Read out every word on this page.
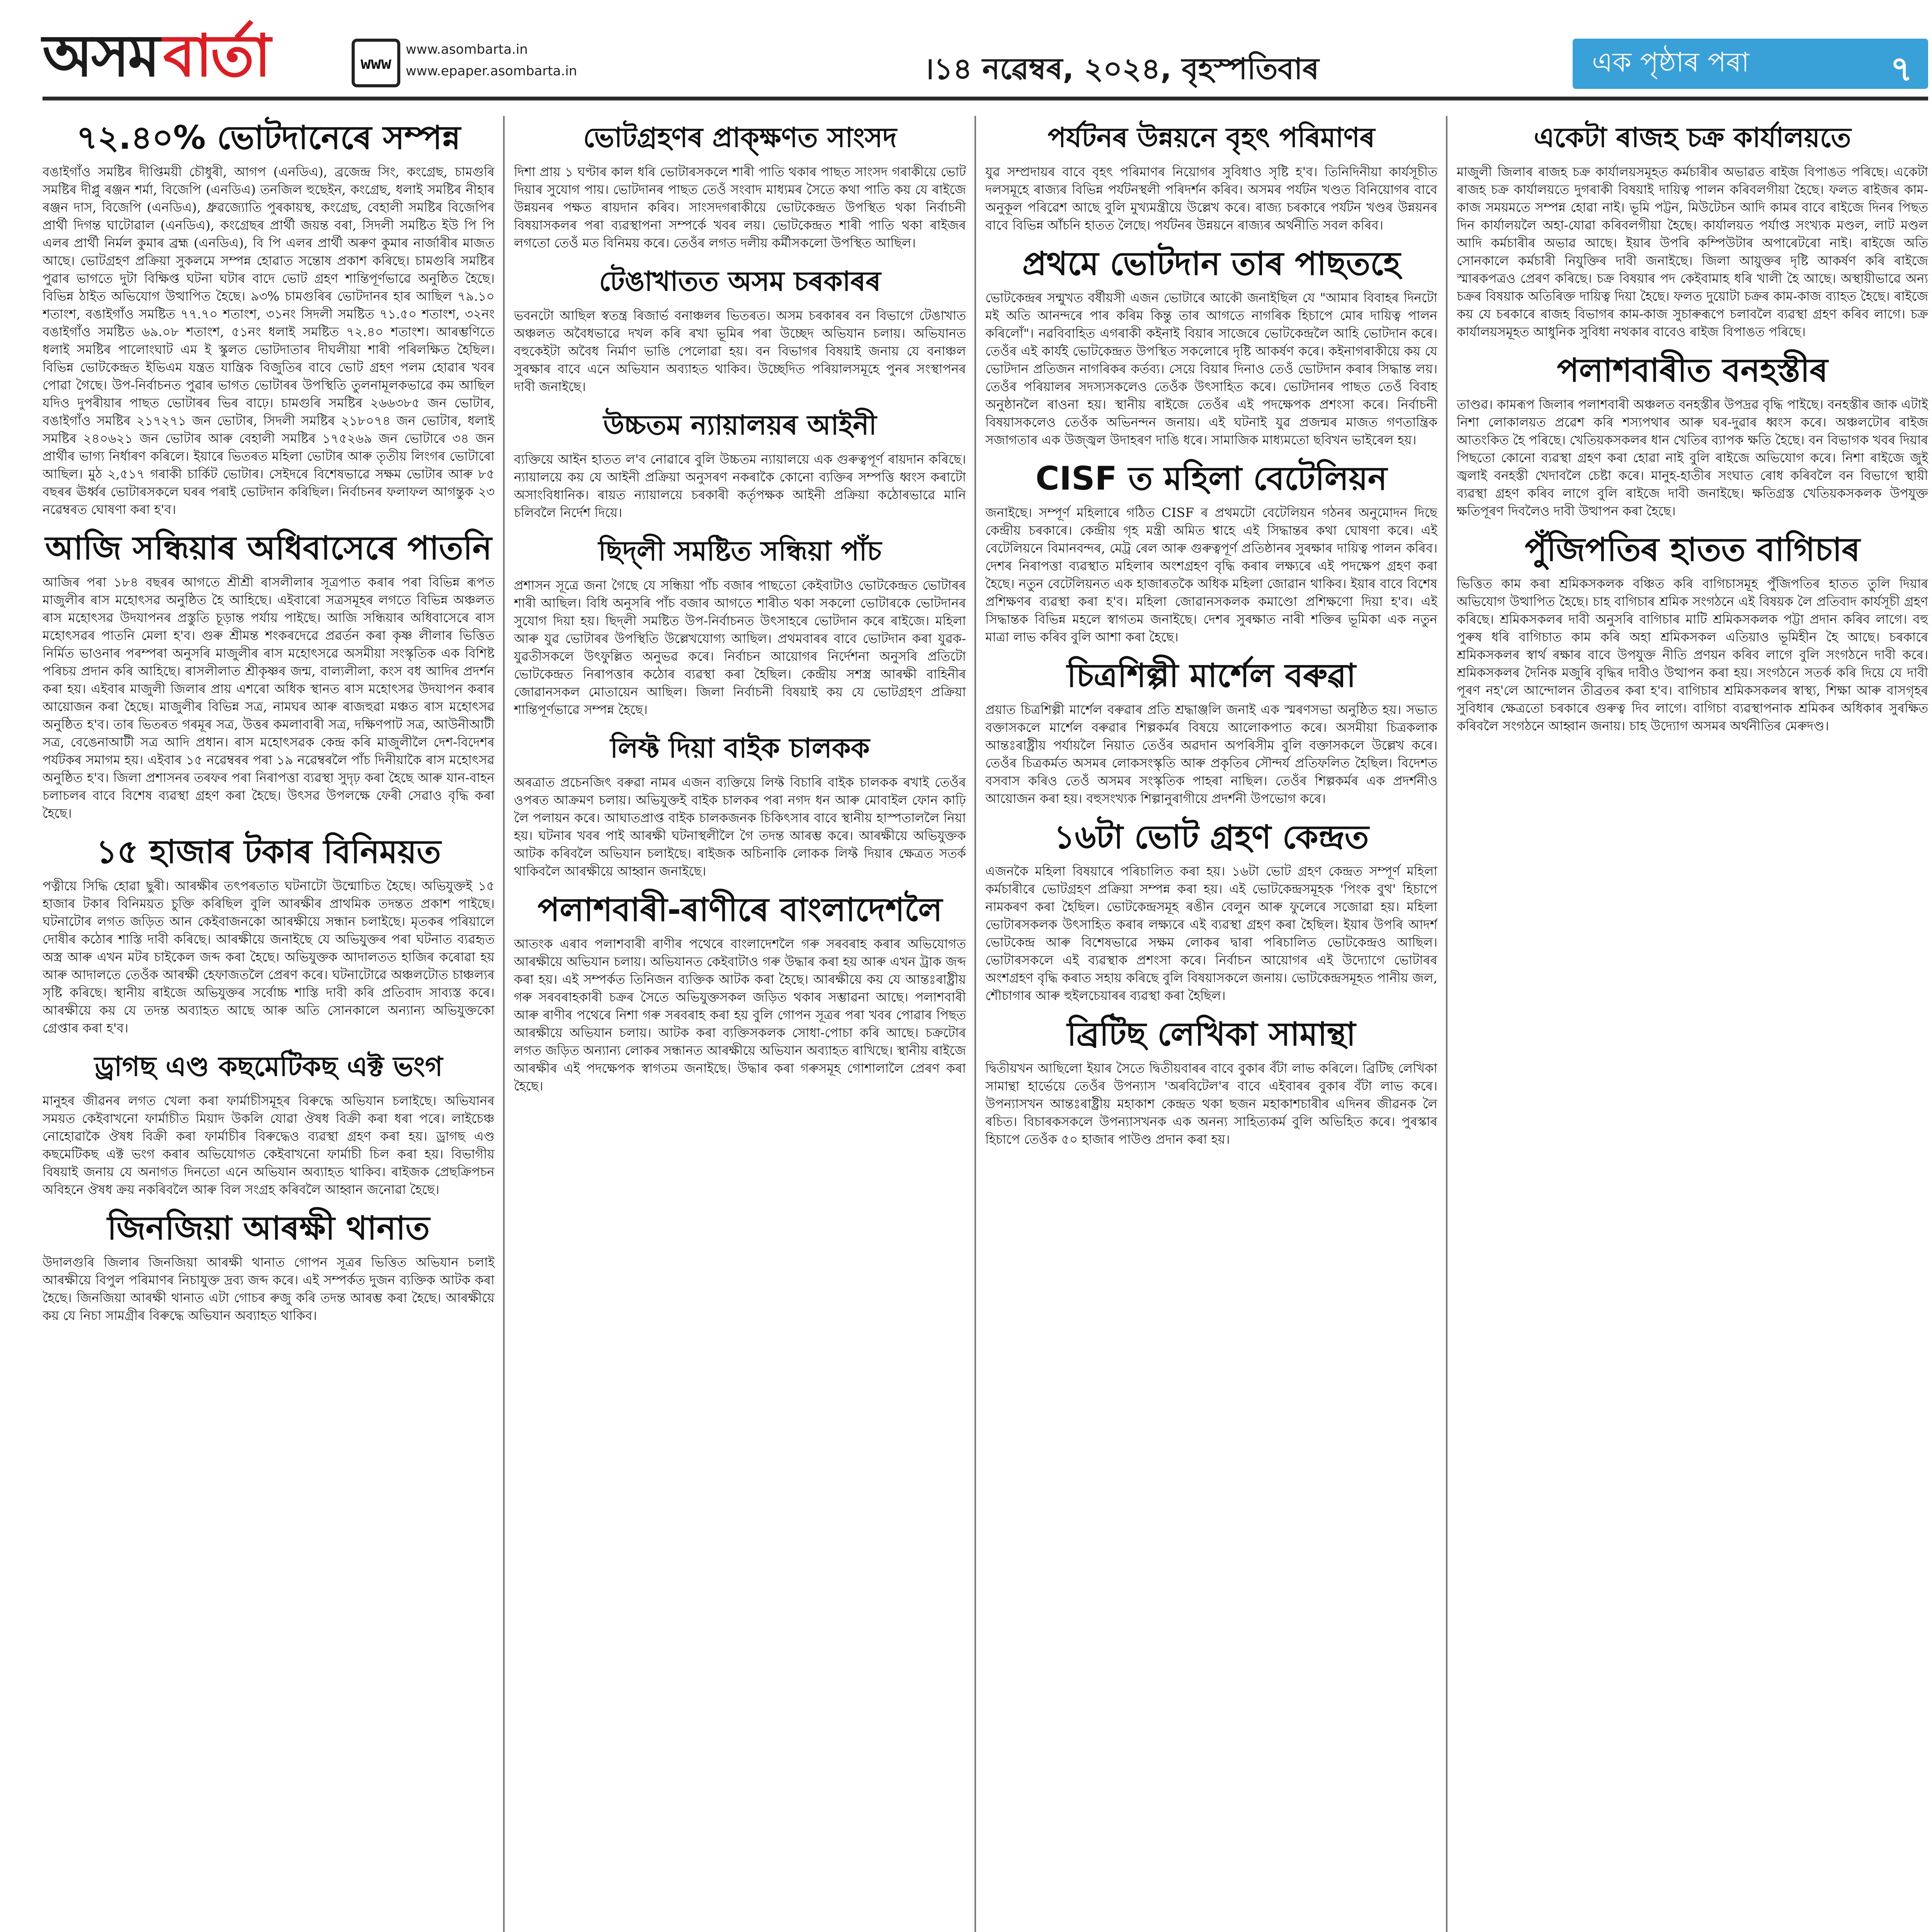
অসম বাৰ্তা	www
www.asombarta.in
www.epaper.asombarta.in	।১৪ নৱেম্বৰ, ২০২৪, বৃহস্পতিবাৰ	এক পৃষ্ঠাৰ পৰা	৭
৭২.৪০% ভোটদানেৰে সম্পন্ন
বঙাইগাঁও সমষ্টিৰ দীপ্তিময়ী চৌধুৰী, আগপ (এনডিএ), ব্ৰজেন্দ্ৰ সিং, কংগ্ৰেছ, চামগুৰি সমষ্টিৰ দীপ্লু ৰঞ্জন শৰ্মা, বিজেপি (এনডিএ) তনজিল হুছেইন, কংগ্ৰেছ, ধলাই সমষ্টিৰ নীহাৰ ৰঞ্জন দাস, বিজেপি (এনডিএ), ধ্ৰুৱজ্যোতি পুৰকায়স্থ, কংগ্ৰেছ, বেহালী সমষ্টিৰ বিজেপিৰ প্ৰাৰ্থী দিগন্ত ঘাটোৱাল (এনডিএ), কংগ্ৰেছৰ প্ৰাৰ্থী জয়ন্ত বৰা, সিদলী সমষ্টিত ইউ পি পি এলৰ প্ৰাৰ্থী নিৰ্মল কুমাৰ ব্ৰহ্ম (এনডিএ), বি পি এলৰ প্ৰাৰ্থী অৰুণ কুমাৰ নাৰ্জাৰীৰ মাজত আছে। ভোটগ্ৰহণ প্ৰক্ৰিয়া সুকলমে সম্পন্ন হোৱাত সন্তোষ প্ৰকাশ কৰিছে। চামগুৰি সমষ্টিৰ পুৱাৰ ভাগতে দুটা বিক্ষিপ্ত ঘটনা ঘটাৰ বাদে ভোট গ্ৰহণ শান্তিপূৰ্ণভাৱে অনুষ্ঠিত হৈছে। বিভিন্ন ঠাইত অভিযোগ উত্থাপিত হৈছে। ৯৩% চামগুৰিৰ ভোটদানৰ হাৰ আছিল ৭৯.১০ শতাংশ, বঙাইগাঁও সমষ্টিত ৭৭.৭০ শতাংশ, ৩১নং সিদলী সমষ্টিত ৭১.৫০ শতাংশ, ৩২নং বঙাইগাঁও সমষ্টিত ৬৯.০৮ শতাংশ, ৫১নং ধলাই সমষ্টিত ৭২.৪০ শতাংশ। আৰম্ভণিতে ধলাই সমষ্টিৰ পালোংঘাট এম ই স্কুলত ভোটদাতাৰ দীঘলীয়া শাৰী পৰিলক্ষিত হৈছিল। বিভিন্ন ভোটকেন্দ্ৰত ইভিএম যন্ত্ৰত যান্ত্ৰিক বিজুতিৰ বাবে ভোট গ্ৰহণ পলম হোৱাৰ খবৰ পোৱা গৈছে। উপ-নিৰ্বাচনত পুৱাৰ ভাগত ভোটাৰৰ উপস্থিতি তুলনামূলকভাৱে কম আছিল যদিও দুপৰীয়াৰ পাছত ভোটাৰৰ ভিৰ বাঢ়ে। চামগুৰি সমষ্টিৰ ২৬৬৩৮৫ জন ভোটাৰ, বঙাইগাঁও সমষ্টিৰ ২১৭২৭১ জন ভোটাৰ, সিদলী সমষ্টিৰ ২১৮০৭৪ জন ভোটাৰ, ধলাই সমষ্টিৰ ২৪০৬২১ জন ভোটাৰ আৰু বেহালী সমষ্টিৰ ১৭৫২৬৯ জন ভোটাৰে ৩৪ জন প্ৰাৰ্থীৰ ভাগ্য নিৰ্ধাৰণ কৰিলে। ইয়াৰে ভিতৰত মহিলা ভোটাৰ আৰু তৃতীয় লিংগৰ ভোটাৰো আছিল। মুঠ ২,৫১৭ গৰাকী চাৰ্কিট ভোটাৰ। সেইদৰে বিশেষভাৱে সক্ষম ভোটাৰ আৰু ৮৫ বছৰৰ ঊৰ্ধ্বৰ ভোটাৰসকলে ঘৰৰ পৰাই ভোটদান কৰিছিল। নিৰ্বাচনৰ ফলাফল আগন্তুক ২৩ নৱেম্বৰত ঘোষণা কৰা হ'ব।
আজি সন্ধিয়াৰ অধিবাসেৰে পাতনি
আজিৰ পৰা ১৮৪ বছৰৰ আগতে শ্ৰীশ্ৰী ৰাসলীলাৰ সূত্ৰপাত কৰাৰ পৰা বিভিন্ন ৰূপত মাজুলীৰ ৰাস মহোৎসৱ অনুষ্ঠিত হৈ আহিছে। এইবাৰো সত্ৰসমূহৰ লগতে বিভিন্ন অঞ্চলত ৰাস মহোৎসৱ উদযাপনৰ প্ৰস্তুতি চূড়ান্ত পৰ্যায় পাইছে। আজি সন্ধিয়াৰ অধিবাসেৰে ৰাস মহোৎসৱৰ পাতনি মেলা হ'ব। গুৰু শ্ৰীমন্ত শংকৰদেৱে প্ৰৱৰ্তন কৰা কৃষ্ণ লীলাৰ ভিত্তিত নিৰ্মিত ভাওনাৰ পৰম্পৰা অনুসৰি মাজুলীৰ ৰাস মহোৎসৱে অসমীয়া সংস্কৃতিক এক বিশিষ্ট পৰিচয় প্ৰদান কৰি আহিছে। ৰাসলীলাত শ্ৰীকৃষ্ণৰ জন্ম, বাল্যলীলা, কংস বধ আদিৰ প্ৰদৰ্শন কৰা হয়। এইবাৰ মাজুলী জিলাৰ প্ৰায় এশৰো অধিক স্থানত ৰাস মহোৎসৱ উদযাপন কৰাৰ আয়োজন কৰা হৈছে। মাজুলীৰ বিভিন্ন সত্ৰ, নামঘৰ আৰু ৰাজহুৱা মঞ্চত ৰাস মহোৎসৱ অনুষ্ঠিত হ'ব। তাৰ ভিতৰত গৰমূৰ সত্ৰ, উত্তৰ কমলাবাৰী সত্ৰ, দক্ষিণপাট সত্ৰ, আউনীআটী সত্ৰ, বেঙেনাআটী সত্ৰ আদি প্ৰধান। ৰাস মহোৎসৱক কেন্দ্ৰ কৰি মাজুলীলৈ দেশ-বিদেশৰ পৰ্যটকৰ সমাগম হয়। এইবাৰ ১৫ নৱেম্বৰৰ পৰা ১৯ নৱেম্বৰলৈ পাঁচ দিনীয়াকৈ ৰাস মহোৎসৱ অনুষ্ঠিত হ'ব। জিলা প্ৰশাসনৰ তৰফৰ পৰা নিৰাপত্তা ব্যৱস্থা সুদৃঢ় কৰা হৈছে আৰু যান-বাহন চলাচলৰ বাবে বিশেষ ব্যৱস্থা গ্ৰহণ কৰা হৈছে। উৎসৱ উপলক্ষে ফেৰী সেৱাও বৃদ্ধি কৰা হৈছে।
১৫ হাজাৰ টকাৰ বিনিময়ত
পত্নীয়ে সিদ্ধি হোৱা ছুৰী। আৰক্ষীৰ তৎপৰতাত ঘটনাটো উন্মোচিত হৈছে। অভিযুক্তই ১৫ হাজাৰ টকাৰ বিনিময়ত চুক্তি কৰিছিল বুলি আৰক্ষীৰ প্ৰাথমিক তদন্তত প্ৰকাশ পাইছে। ঘটনাটোৰ লগত জড়িত আন কেইবাজনকো আৰক্ষীয়ে সন্ধান চলাইছে। মৃতকৰ পৰিয়ালে দোষীৰ কঠোৰ শাস্তি দাবী কৰিছে। আৰক্ষীয়ে জনাইছে যে অভিযুক্তৰ পৰা ঘটনাত ব্যৱহৃত অস্ত্ৰ আৰু এখন মটৰ চাইকেল জব্দ কৰা হৈছে। অভিযুক্তক আদালতত হাজিৰ কৰোৱা হয় আৰু আদালতে তেওঁক আৰক্ষী হেফাজতলৈ প্ৰেৰণ কৰে। ঘটনাটোৱে অঞ্চলটোত চাঞ্চল্যৰ সৃষ্টি কৰিছে। স্থানীয় ৰাইজে অভিযুক্তৰ সৰ্বোচ্চ শাস্তি দাবী কৰি প্ৰতিবাদ সাব্যস্ত কৰে। আৰক্ষীয়ে কয় যে তদন্ত অব্যাহত আছে আৰু অতি সোনকালে অন্যান্য অভিযুক্তকো গ্ৰেপ্তাৰ কৰা হ'ব।
ড্ৰাগছ এণ্ড কছমেটিকছ এক্ট ভংগ
মানুহৰ জীৱনৰ লগত খেলা কৰা ফাৰ্মাচীসমূহৰ বিৰুদ্ধে অভিযান চলাইছে। অভিযানৰ সময়ত কেইবাখনো ফাৰ্মাচীত মিয়াদ উকলি যোৱা ঔষধ বিক্ৰী কৰা ধৰা পৰে। লাইচেঞ্চ নোহোৱাকৈ ঔষধ বিক্ৰী কৰা ফাৰ্মাচীৰ বিৰুদ্ধেও ব্যৱস্থা গ্ৰহণ কৰা হয়। ড্ৰাগছ এণ্ড কছমেটিকছ এক্ট ভংগ কৰাৰ অভিযোগত কেইবাখনো ফাৰ্মাচী চিল কৰা হয়। বিভাগীয় বিষয়াই জনায় যে অনাগত দিনতো এনে অভিযান অব্যাহত থাকিব। ৰাইজক প্ৰেছক্ৰিপচন অবিহনে ঔষধ ক্ৰয় নকৰিবলৈ আৰু বিল সংগ্ৰহ কৰিবলৈ আহ্বান জনোৱা হৈছে।
জিনজিয়া আৰক্ষী থানাত
উদালগুৰি জিলাৰ জিনজিয়া আৰক্ষী থানাত গোপন সূত্ৰৰ ভিত্তিত অভিযান চলাই আৰক্ষীয়ে বিপুল পৰিমাণৰ নিচাযুক্ত দ্ৰব্য জব্দ কৰে। এই সম্পৰ্কত দুজন ব্যক্তিক আটক কৰা হৈছে। জিনজিয়া আৰক্ষী থানাত এটা গোচৰ ৰুজু কৰি তদন্ত আৰম্ভ কৰা হৈছে। আৰক্ষীয়ে কয় যে নিচা সামগ্ৰীৰ বিৰুদ্ধে অভিযান অব্যাহত থাকিব।
ভোটগ্ৰহণৰ প্ৰাক্ক্ষণত সাংসদ
দিশা প্ৰায় ১ ঘণ্টাৰ কাল ধৰি ভোটাৰসকলে শাৰী পাতি থকাৰ পাছত সাংসদ গৰাকীয়ে ভোট দিয়াৰ সুযোগ পায়। ভোটদানৰ পাছত তেওঁ সংবাদ মাধ্যমৰ সৈতে কথা পাতি কয় যে ৰাইজে উন্নয়নৰ পক্ষত ৰায়দান কৰিব। সাংসদগৰাকীয়ে ভোটকেন্দ্ৰত উপস্থিত থকা নিৰ্বাচনী বিষয়াসকলৰ পৰা ব্যৱস্থাপনা সম্পৰ্কে খবৰ লয়। ভোটকেন্দ্ৰত শাৰী পাতি থকা ৰাইজৰ লগতো তেওঁ মত বিনিময় কৰে। তেওঁৰ লগত দলীয় কৰ্মীসকলো উপস্থিত আছিল।
টেঙাখাতত অসম চৰকাৰৰ
ভবনটো আছিল স্বতন্ত্ৰ ৰিজাৰ্ভ বনাঞ্চলৰ ভিতৰত। অসম চৰকাৰৰ বন বিভাগে টেঙাখাত অঞ্চলত অবৈধভাৱে দখল কৰি ৰখা ভূমিৰ পৰা উচ্ছেদ অভিযান চলায়। অভিযানত বহুকেইটা অবৈধ নিৰ্মাণ ভাঙি পেলোৱা হয়। বন বিভাগৰ বিষয়াই জনায় যে বনাঞ্চল সুৰক্ষাৰ বাবে এনে অভিযান অব্যাহত থাকিব। উচ্ছেদিত পৰিয়ালসমূহে পুনৰ সংস্থাপনৰ দাবী জনাইছে।
উচ্চতম ন্যায়ালয়ৰ আইনী
ব্যক্তিয়ে আইন হাতত ল'ব নোৱাৰে বুলি উচ্চতম ন্যায়ালয়ে এক গুৰুত্বপূৰ্ণ ৰায়দান কৰিছে। ন্যায়ালয়ে কয় যে আইনী প্ৰক্ৰিয়া অনুসৰণ নকৰাকৈ কোনো ব্যক্তিৰ সম্পত্তি ধ্বংস কৰাটো অসাংবিধানিক। ৰায়ত ন্যায়ালয়ে চৰকাৰী কৰ্তৃপক্ষক আইনী প্ৰক্ৰিয়া কঠোৰভাৱে মানি চলিবলৈ নিৰ্দেশ দিয়ে।
ছিদ্লী সমষ্টিত সন্ধিয়া পাঁচ
প্ৰশাসন সূত্ৰে জনা গৈছে যে সন্ধিয়া পাঁচ বজাৰ পাছতো কেইবাটাও ভোটকেন্দ্ৰত ভোটাৰৰ শাৰী আছিল। বিধি অনুসৰি পাঁচ বজাৰ আগতে শাৰীত থকা সকলো ভোটাৰকে ভোটদানৰ সুযোগ দিয়া হয়। ছিদ্লী সমষ্টিত উপ-নিৰ্বাচনত উৎসাহৰে ভোটদান কৰে ৰাইজে। মহিলা আৰু যুৱ ভোটাৰৰ উপস্থিতি উল্লেখযোগ্য আছিল। প্ৰথমবাৰৰ বাবে ভোটদান কৰা যুৱক-যুৱতীসকলে উৎফুল্লিত অনুভৱ কৰে। নিৰ্বাচন আয়োগৰ নিৰ্দেশনা অনুসৰি প্ৰতিটো ভোটকেন্দ্ৰত নিৰাপত্তাৰ কঠোৰ ব্যৱস্থা কৰা হৈছিল। কেন্দ্ৰীয় সশস্ত্ৰ আৰক্ষী বাহিনীৰ জোৱানসকল মোতায়েন আছিল। জিলা নিৰ্বাচনী বিষয়াই কয় যে ভোটগ্ৰহণ প্ৰক্ৰিয়া শান্তিপূৰ্ণভাৱে সম্পন্ন হৈছে।
লিফ্ট দিয়া বাইক চালকক
অৰত্ৰাত প্ৰচেনজিৎ বৰুৱা নামৰ এজন ব্যক্তিয়ে লিফ্ট বিচাৰি বাইক চালকক ৰখাই তেওঁৰ ওপৰত আক্ৰমণ চলায়। অভিযুক্তই বাইক চালকৰ পৰা নগদ ধন আৰু মোবাইল ফোন কাঢ়ি লৈ পলায়ন কৰে। আঘাতপ্ৰাপ্ত বাইক চালকজনক চিকিৎসাৰ বাবে স্থানীয় হাস্পতাললৈ নিয়া হয়। ঘটনাৰ খবৰ পাই আৰক্ষী ঘটনাস্থলীলৈ গৈ তদন্ত আৰম্ভ কৰে। আৰক্ষীয়ে অভিযুক্তক আটক কৰিবলৈ অভিযান চলাইছে। ৰাইজক অচিনাকি লোকক লিফ্ট দিয়াৰ ক্ষেত্ৰত সতৰ্ক থাকিবলৈ আৰক্ষীয়ে আহ্বান জনাইছে।
পলাশবাৰী-ৰাণীৰে বাংলাদেশলৈ
আতংক এৰাব পলাশবাৰী ৰাণীৰ পথেৰে বাংলাদেশলৈ গৰু সৰবৰাহ কৰাৰ অভিযোগত আৰক্ষীয়ে অভিযান চলায়। অভিযানত কেইবাটাও গৰু উদ্ধাৰ কৰা হয় আৰু এখন ট্ৰাক জব্দ কৰা হয়। এই সম্পৰ্কত তিনিজন ব্যক্তিক আটক কৰা হৈছে। আৰক্ষীয়ে কয় যে আন্তঃৰাষ্ট্ৰীয় গৰু সৰবৰাহকাৰী চক্ৰৰ সৈতে অভিযুক্তসকল জড়িত থকাৰ সম্ভাৱনা আছে। পলাশবাৰী আৰু ৰাণীৰ পথেৰে নিশা গৰু সৰবৰাহ কৰা হয় বুলি গোপন সূত্ৰৰ পৰা খবৰ পোৱাৰ পিছত আৰক্ষীয়ে অভিযান চলায়। আটক কৰা ব্যক্তিসকলক সোধা-পোচা কৰি আছে। চক্ৰটোৰ লগত জড়িত অন্যান্য লোকৰ সন্ধানত আৰক্ষীয়ে অভিযান অব্যাহত ৰাখিছে। স্থানীয় ৰাইজে আৰক্ষীৰ এই পদক্ষেপক স্বাগতম জনাইছে। উদ্ধাৰ কৰা গৰুসমূহ গোশালালৈ প্ৰেৰণ কৰা হৈছে।
পৰ্যটনৰ উন্নয়নে বৃহৎ পৰিমাণৰ
যুৱ সম্প্ৰদায়ৰ বাবে বৃহৎ পৰিমাণৰ নিয়োগৰ সুবিধাও সৃষ্টি হ'ব। তিনিদিনীয়া কাৰ্যসূচীত দলসমূহে ৰাজ্যৰ বিভিন্ন পৰ্যটনস্থলী পৰিদৰ্শন কৰিব। অসমৰ পৰ্যটন খণ্ডত বিনিয়োগৰ বাবে অনুকূল পৰিৱেশ আছে বুলি মুখ্যমন্ত্ৰীয়ে উল্লেখ কৰে। ৰাজ্য চৰকাৰে পৰ্যটন খণ্ডৰ উন্নয়নৰ বাবে বিভিন্ন আঁচনি হাতত লৈছে। পৰ্যটনৰ উন্নয়নে ৰাজ্যৰ অৰ্থনীতি সবল কৰিব।
প্ৰথমে ভোটদান তাৰ পাছতহে
ভোটকেন্দ্ৰৰ সন্মুখত বৰ্ষীয়সী এজন ভোটাৰে আকৌ জনাইছিল যে "আমাৰ বিবাহৰ দিনটো মই অতি আনন্দৰে পাৰ কৰিম কিন্তু তাৰ আগতে নাগৰিক হিচাপে মোৰ দায়িত্ব পালন কৰিলোঁ"। নৱবিবাহিত এগৰাকী কইনাই বিয়াৰ সাজেৰে ভোটকেন্দ্ৰলৈ আহি ভোটদান কৰে। তেওঁৰ এই কাৰ্যই ভোটকেন্দ্ৰত উপস্থিত সকলোৰে দৃষ্টি আকৰ্ষণ কৰে। কইনাগৰাকীয়ে কয় যে ভোটদান প্ৰতিজন নাগৰিকৰ কৰ্তব্য। সেয়ে বিয়াৰ দিনাও তেওঁ ভোটদান কৰাৰ সিদ্ধান্ত লয়। তেওঁৰ পৰিয়ালৰ সদস্যসকলেও তেওঁক উৎসাহিত কৰে। ভোটদানৰ পাছত তেওঁ বিবাহ অনুষ্ঠানলৈ ৰাওনা হয়। স্থানীয় ৰাইজে তেওঁৰ এই পদক্ষেপক প্ৰশংসা কৰে। নিৰ্বাচনী বিষয়াসকলেও তেওঁক অভিনন্দন জনায়। এই ঘটনাই যুৱ প্ৰজন্মৰ মাজত গণতান্ত্ৰিক সজাগতাৰ এক উজ্জ্বল উদাহৰণ দাঙি ধৰে। সামাজিক মাধ্যমতো ছবিখন ভাইৰেল হয়।
CISF ত মহিলা বেটেলিয়ন
জনাইছে। সম্পূৰ্ণ মহিলাৰে গঠিত CISF ৰ প্ৰথমটো বেটেলিয়ন গঠনৰ অনুমোদন দিছে কেন্দ্ৰীয় চৰকাৰে। কেন্দ্ৰীয় গৃহ মন্ত্ৰী অমিত শ্বাহে এই সিদ্ধান্তৰ কথা ঘোষণা কৰে। এই বেটেলিয়নে বিমানবন্দৰ, মেট্ৰ ৰেল আৰু গুৰুত্বপূৰ্ণ প্ৰতিষ্ঠানৰ সুৰক্ষাৰ দায়িত্ব পালন কৰিব। দেশৰ নিৰাপত্তা ব্যৱস্থাত মহিলাৰ অংশগ্ৰহণ বৃদ্ধি কৰাৰ লক্ষ্যৰে এই পদক্ষেপ গ্ৰহণ কৰা হৈছে। নতুন বেটেলিয়নত এক হাজাৰতকৈ অধিক মহিলা জোৱান থাকিব। ইয়াৰ বাবে বিশেষ প্ৰশিক্ষণৰ ব্যৱস্থা কৰা হ'ব। মহিলা জোৱানসকলক কমাণ্ডো প্ৰশিক্ষণো দিয়া হ'ব। এই সিদ্ধান্তক বিভিন্ন মহলে স্বাগতম জনাইছে। দেশৰ সুৰক্ষাত নাৰী শক্তিৰ ভূমিকা এক নতুন মাত্ৰা লাভ কৰিব বুলি আশা কৰা হৈছে।
চিত্ৰশিল্পী মাৰ্শেল বৰুৱা
প্ৰয়াত চিত্ৰশিল্পী মাৰ্শেল বৰুৱাৰ প্ৰতি শ্ৰদ্ধাঞ্জলি জনাই এক স্মৰণসভা অনুষ্ঠিত হয়। সভাত বক্তাসকলে মাৰ্শেল বৰুৱাৰ শিল্পকৰ্মৰ বিষয়ে আলোকপাত কৰে। অসমীয়া চিত্ৰকলাক আন্তঃৰাষ্ট্ৰীয় পৰ্যায়লৈ নিয়াত তেওঁৰ অৱদান অপৰিসীম বুলি বক্তাসকলে উল্লেখ কৰে। তেওঁৰ চিত্ৰকৰ্মত অসমৰ লোকসংস্কৃতি আৰু প্ৰকৃতিৰ সৌন্দৰ্য প্ৰতিফলিত হৈছিল। বিদেশত বসবাস কৰিও তেওঁ অসমৰ সংস্কৃতিক পাহৰা নাছিল। তেওঁৰ শিল্পকৰ্মৰ এক প্ৰদৰ্শনীও আয়োজন কৰা হয়। বহুসংখ্যক শিল্পানুৰাগীয়ে প্ৰদৰ্শনী উপভোগ কৰে।
১৬টা ভোট গ্ৰহণ কেন্দ্ৰত
এজনকৈ মহিলা বিষয়াৰে পৰিচালিত কৰা হয়। ১৬টা ভোট গ্ৰহণ কেন্দ্ৰত সম্পূৰ্ণ মহিলা কৰ্মচাৰীৰে ভোটগ্ৰহণ প্ৰক্ৰিয়া সম্পন্ন কৰা হয়। এই ভোটকেন্দ্ৰসমূহক 'পিংক বুথ' হিচাপে নামকৰণ কৰা হৈছিল। ভোটকেন্দ্ৰসমূহ ৰঙীন বেলুন আৰু ফুলেৰে সজোৱা হয়। মহিলা ভোটাৰসকলক উৎসাহিত কৰাৰ লক্ষ্যৰে এই ব্যৱস্থা গ্ৰহণ কৰা হৈছিল। ইয়াৰ উপৰি আদৰ্শ ভোটকেন্দ্ৰ আৰু বিশেষভাৱে সক্ষম লোকৰ দ্বাৰা পৰিচালিত ভোটকেন্দ্ৰও আছিল। ভোটাৰসকলে এই ব্যৱস্থাক প্ৰশংসা কৰে। নিৰ্বাচন আয়োগৰ এই উদ্যোগে ভোটাৰৰ অংশগ্ৰহণ বৃদ্ধি কৰাত সহায় কৰিছে বুলি বিষয়াসকলে জনায়। ভোটকেন্দ্ৰসমূহত পানীয় জল, শৌচাগাৰ আৰু হুইলচেয়াৰৰ ব্যৱস্থা কৰা হৈছিল।
ব্ৰিটিছ লেখিকা সামান্থা
দ্বিতীয়খন আছিলো ইয়াৰ সৈতে দ্বিতীয়বাৰৰ বাবে বুকাৰ বঁটা লাভ কৰিলে। ব্ৰিটিছ লেখিকা সামান্থা হাৰ্ভেয়ে তেওঁৰ উপন্যাস 'অৰবিটেল'ৰ বাবে এইবাৰৰ বুকাৰ বঁটা লাভ কৰে। উপন্যাসখন আন্তঃৰাষ্ট্ৰীয় মহাকাশ কেন্দ্ৰত থকা ছজন মহাকাশচাৰীৰ এদিনৰ জীৱনক লৈ ৰচিত। বিচাৰকসকলে উপন্যাসখনক এক অনন্য সাহিত্যকৰ্ম বুলি অভিহিত কৰে। পুৰস্কাৰ হিচাপে তেওঁক ৫০ হাজাৰ পাউণ্ড প্ৰদান কৰা হয়।
একেটা ৰাজহ চক্ৰ কাৰ্যালয়তে
মাজুলী জিলাৰ ৰাজহ চক্ৰ কাৰ্যালয়সমূহত কৰ্মচাৰীৰ অভাৱত ৰাইজ বিপাঙত পৰিছে। একেটা ৰাজহ চক্ৰ কাৰ্যালয়তে দুগৰাকী বিষয়াই দায়িত্ব পালন কৰিবলগীয়া হৈছে। ফলত ৰাইজৰ কাম-কাজ সময়মতে সম্পন্ন হোৱা নাই। ভূমি পট্টন, মিউটেচন আদি কামৰ বাবে ৰাইজে দিনৰ পিছত দিন কাৰ্যালয়লৈ অহা-যোৱা কৰিবলগীয়া হৈছে। কাৰ্যালয়ত পৰ্যাপ্ত সংখ্যক মণ্ডল, লাট মণ্ডল আদি কৰ্মচাৰীৰ অভাৱ আছে। ইয়াৰ উপৰি কম্পিউটাৰ অপাৰেটৰো নাই। ৰাইজে অতি সোনকালে কৰ্মচাৰী নিযুক্তিৰ দাবী জনাইছে। জিলা আয়ুক্তৰ দৃষ্টি আকৰ্ষণ কৰি ৰাইজে স্মাৰকপত্ৰও প্ৰেৰণ কৰিছে। চক্ৰ বিষয়াৰ পদ কেইবামাহ ধৰি খালী হৈ আছে। অস্থায়ীভাৱে অন্য চক্ৰৰ বিষয়াক অতিৰিক্ত দায়িত্ব দিয়া হৈছে। ফলত দুয়োটা চক্ৰৰ কাম-কাজ ব্যাহত হৈছে। ৰাইজে কয় যে চৰকাৰে ৰাজহ বিভাগৰ কাম-কাজ সুচাৰুৰূপে চলাবলৈ ব্যৱস্থা গ্ৰহণ কৰিব লাগে। চক্ৰ কাৰ্যালয়সমূহত আধুনিক সুবিধা নথকাৰ বাবেও ৰাইজ বিপাঙত পৰিছে।
পলাশবাৰীত বনহস্তীৰ
তাণ্ডৱ। কামৰূপ জিলাৰ পলাশবাৰী অঞ্চলত বনহস্তীৰ উপদ্ৰৱ বৃদ্ধি পাইছে। বনহস্তীৰ জাক এটাই নিশা লোকালয়ত প্ৰৱেশ কৰি শস্যপথাৰ আৰু ঘৰ-দুৱাৰ ধ্বংস কৰে। অঞ্চলটোৰ ৰাইজ আতংকিত হৈ পৰিছে। খেতিয়কসকলৰ ধান খেতিৰ ব্যাপক ক্ষতি হৈছে। বন বিভাগক খবৰ দিয়াৰ পিছতো কোনো ব্যৱস্থা গ্ৰহণ কৰা হোৱা নাই বুলি ৰাইজে অভিযোগ কৰে। নিশা ৰাইজে জুই জ্বলাই বনহস্তী খেদাবলৈ চেষ্টা কৰে। মানুহ-হাতীৰ সংঘাত ৰোধ কৰিবলৈ বন বিভাগে স্থায়ী ব্যৱস্থা গ্ৰহণ কৰিব লাগে বুলি ৰাইজে দাবী জনাইছে। ক্ষতিগ্ৰস্ত খেতিয়কসকলক উপযুক্ত ক্ষতিপূৰণ দিবলৈও দাবী উত্থাপন কৰা হৈছে।
পুঁজিপতিৰ হাতত বাগিচাৰ
ভিত্তিত কাম কৰা শ্ৰমিকসকলক বঞ্চিত কৰি বাগিচাসমূহ পুঁজিপতিৰ হাতত তুলি দিয়াৰ অভিযোগ উত্থাপিত হৈছে। চাহ বাগিচাৰ শ্ৰমিক সংগঠনে এই বিষয়ক লৈ প্ৰতিবাদ কাৰ্যসূচী গ্ৰহণ কৰিছে। শ্ৰমিকসকলৰ দাবী অনুসৰি বাগিচাৰ মাটি শ্ৰমিকসকলক পট্টা প্ৰদান কৰিব লাগে। বহু পুৰুষ ধৰি বাগিচাত কাম কৰি অহা শ্ৰমিকসকল এতিয়াও ভূমিহীন হৈ আছে। চৰকাৰে শ্ৰমিকসকলৰ স্বাৰ্থ ৰক্ষাৰ বাবে উপযুক্ত নীতি প্ৰণয়ন কৰিব লাগে বুলি সংগঠনে দাবী কৰে। শ্ৰমিকসকলৰ দৈনিক মজুৰি বৃদ্ধিৰ দাবীও উত্থাপন কৰা হয়। সংগঠনে সতৰ্ক কৰি দিয়ে যে দাবী পূৰণ নহ'লে আন্দোলন তীব্ৰতৰ কৰা হ'ব। বাগিচাৰ শ্ৰমিকসকলৰ স্বাস্থ্য, শিক্ষা আৰু বাসগৃহৰ সুবিধাৰ ক্ষেত্ৰতো চৰকাৰে গুৰুত্ব দিব লাগে। বাগিচা ব্যৱস্থাপনাক শ্ৰমিকৰ অধিকাৰ সুৰক্ষিত কৰিবলৈ সংগঠনে আহ্বান জনায়। চাহ উদ্যোগ অসমৰ অৰ্থনীতিৰ মেৰুদণ্ড।
